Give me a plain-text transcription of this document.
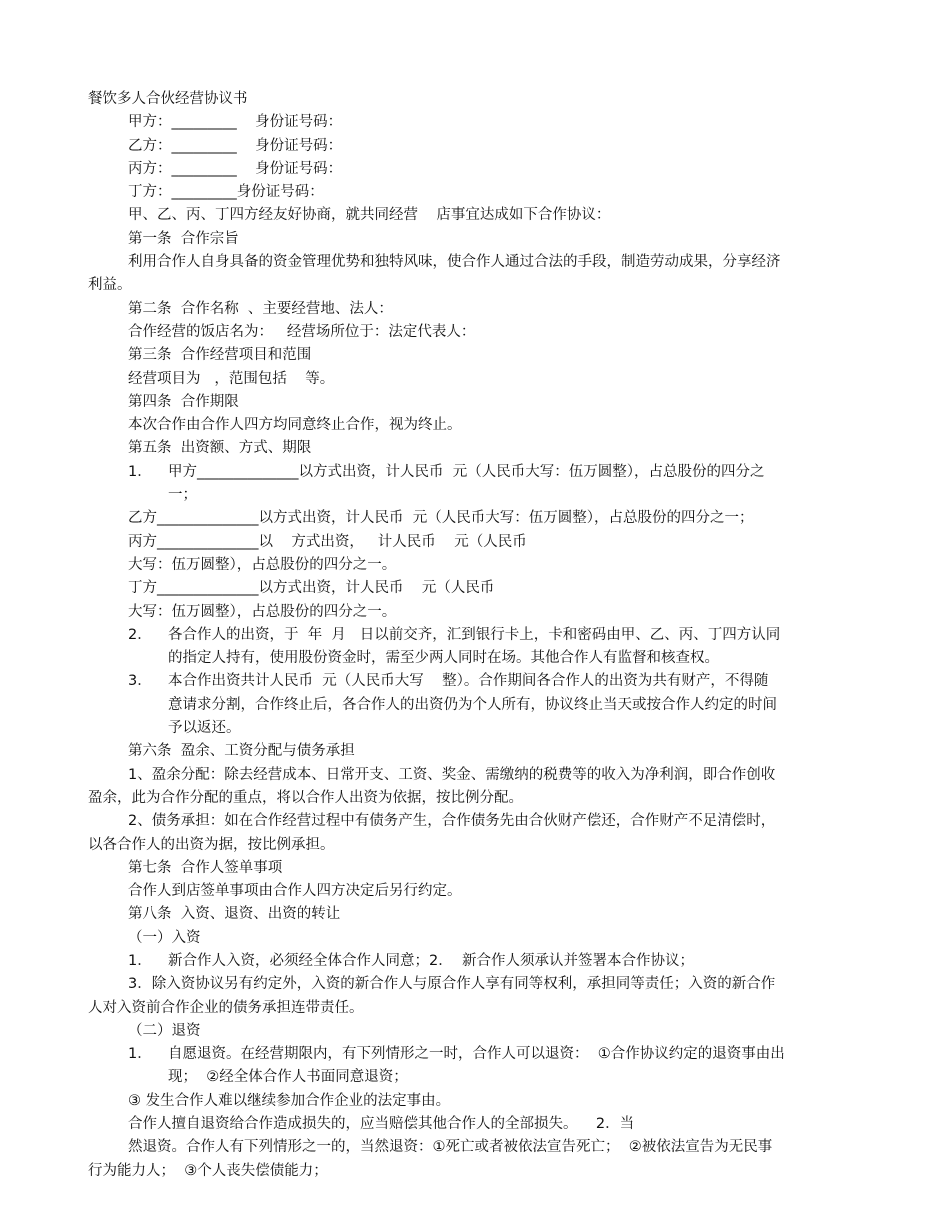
餐饮多人合伙经营协议书
甲方：_________    身份证号码：
乙方：_________    身份证号码：
丙方：_________    身份证号码：
丁方：_________身份证号码：
甲、乙、丙、丁四方经友好协商，就共同经营    店事宜达成如下合作协议：
第一条  合作宗旨
利用合作人自身具备的资金管理优势和独特风味，使合作人通过合法的手段，制造劳动成果，分享经济
利益。
第二条  合作名称  、主要经营地、法人：
合作经营的饭店名为：   经营场所位于：法定代表人：
第三条  合作经营项目和范围
经营项目为   ，范围包括    等。
第四条  合作期限
本次合作由合作人四方均同意终止合作，视为终止。
第五条  出资额、方式、期限
1． 甲方______________以方式出资，计人民币  元（人民币大写：伍万圆整），占总股份的四分之
一；
乙方______________以方式出资，计人民币  元（人民币大写：伍万圆整），占总股份的四分之一；
丙方______________以    方式出资，   计人民币    元（人民币
大写：伍万圆整），占总股份的四分之一。
丁方______________以方式出资，计人民币    元（人民币
大写：伍万圆整），占总股份的四分之一。
2． 各合作人的出资，于  年  月   日以前交齐，汇到银行卡上，卡和密码由甲、乙、丙、丁四方认同
的指定人持有，使用股份资金时，需至少两人同时在场。其他合作人有监督和核查权。
3． 本合作出资共计人民币  元（人民币大写    整）。合作期间各合作人的出资为共有财产，不得随
意请求分割，合作终止后，各合作人的出资仍为个人所有，协议终止当天或按合作人约定的时间
予以返还。
第六条  盈余、工资分配与债务承担
1、盈余分配：除去经营成本、日常开支、工资、奖金、需缴纳的税费等的收入为净利润，即合作创收
盈余，此为合作分配的重点，将以合作人出资为依据，按比例分配。
2、债务承担：如在合作经营过程中有债务产生，合作债务先由合伙财产偿还，合作财产不足清偿时，
以各合作人的出资为据，按比例承担。
第七条  合作人签单事项
合作人到店签单事项由合作人四方决定后另行约定。
第八条  入资、退资、出资的转让
（一）入资
1． 新合作人入资，必须经全体合作人同意；2．  新合作人须承认并签署本合作协议；
3．除入资协议另有约定外，入资的新合作人与原合作人享有同等权利，承担同等责任；入资的新合作
人对入资前合作企业的债务承担连带责任。
（二）退资
1． 自愿退资。在经营期限内，有下列情形之一时，合作人可以退资：  ①合作协议约定的退资事由出
现；  ②经全体合作人书面同意退资；
③ 发生合作人难以继续参加合作企业的法定事由。
合作人擅自退资给合作造成损失的，应当赔偿其他合作人的全部损失。    2．当
然退资。合作人有下列情形之一的，当然退资：①死亡或者被依法宣告死亡；  ②被依法宣告为无民事
行为能力人；  ③个人丧失偿债能力；
